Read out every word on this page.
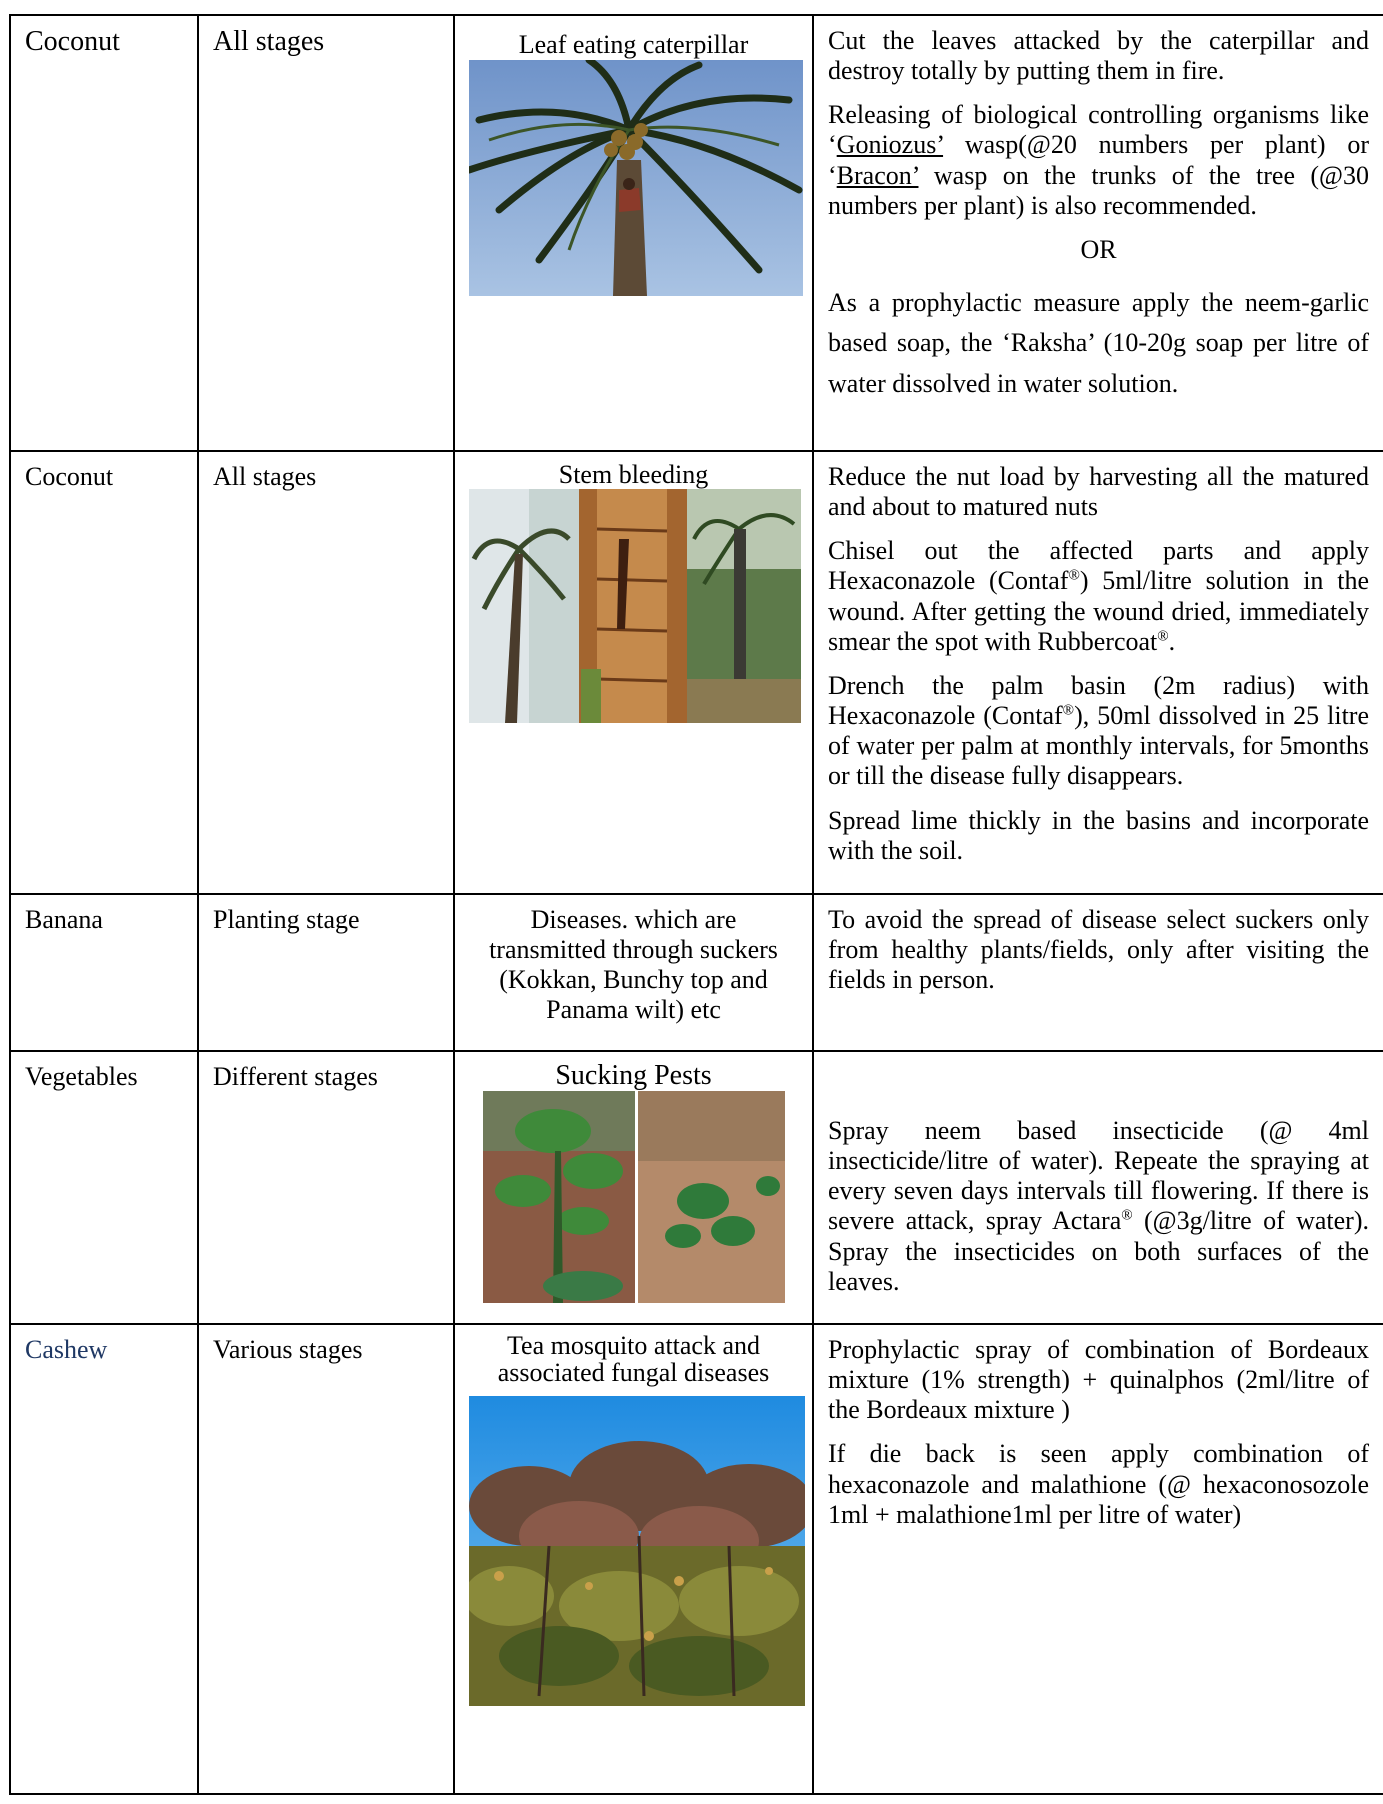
Coconut	All stages	Leaf eating caterpillar	Cut the leaves attacked by the caterpillar and destroy totally by putting them in fire.

Releasing of biological controlling organisms like ‘Goniozus’ wasp(@20 numbers per plant) or ‘Bracon’ wasp on the trunks of the tree (@30 numbers per plant) is also recommended.

OR

As a prophylactic measure apply the neem-garlic based soap, the ‘Raksha’ (10-20g soap per litre of water dissolved in water solution.

Coconut	All stages	Stem bleeding	Reduce the nut load by harvesting all the matured and about to matured nuts

Chisel out the affected parts and apply Hexaconazole (Contaf®) 5ml/litre solution in the wound. After getting the wound dried, immediately smear the spot with Rubbercoat®.

Drench the palm basin (2m radius) with Hexaconazole (Contaf®), 50ml dissolved in 25 litre of water per palm at monthly intervals, for 5months or till the disease fully disappears.

Spread lime thickly in the basins and incorporate with the soil.

Banana	Planting stage	Diseases. which are transmitted through suckers (Kokkan, Bunchy top and Panama wilt) etc	To avoid the spread of disease select suckers only from healthy plants/fields, only after visiting the fields in person.

Vegetables	Different stages	Sucking Pests	Spray neem based insecticide (@ 4ml insecticide/litre of water). Repeate the spraying at every seven days intervals till flowering. If there is severe attack, spray Actara® (@3g/litre of water). Spray the insecticides on both surfaces of the leaves.

Cashew	Various stages	Tea mosquito attack and associated fungal diseases	Prophylactic spray of combination of Bordeaux mixture (1% strength) + quinalphos (2ml/litre of the Bordeaux mixture )

If die back is seen apply combination of hexaconazole and malathione (@ hexaconosozole 1ml + malathione1ml per litre of water)
